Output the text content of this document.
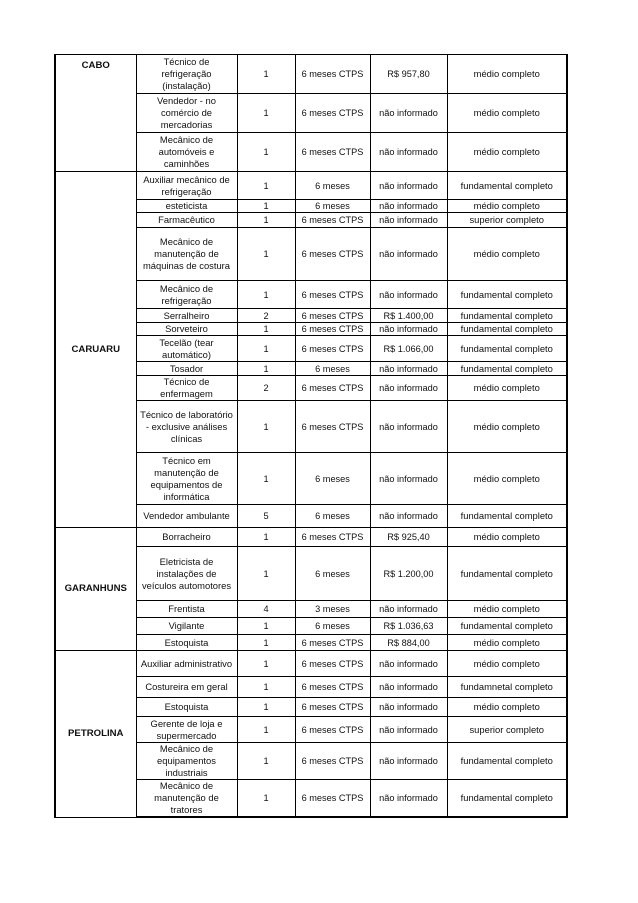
CABO	Técnico de refrigeração (instalação)	1	6 meses CTPS	R$ 957,80	médio completo
	Vendedor - no comércio de mercadorias	1	6 meses CTPS	não informado	médio completo
	Mecânico de automóveis e caminhões	1	6 meses CTPS	não informado	médio completo
CARUARU	Auxiliar mecânico de refrigeração	1	6 meses	não informado	fundamental completo
	esteticista	1	6 meses	não informado	médio completo
	Farmacêutico	1	6 meses CTPS	não informado	superior completo
	Mecânico de manutenção de máquinas de costura	1	6 meses CTPS	não informado	médio completo
	Mecânico de refrigeração	1	6 meses CTPS	não informado	fundamental completo
	Serralheiro	2	6 meses CTPS	R$ 1.400,00	fundamental completo
	Sorveteiro	1	6 meses CTPS	não informado	fundamental completo
	Tecelão (tear automático)	1	6 meses CTPS	R$ 1.066,00	fundamental completo
	Tosador	1	6 meses	não informado	fundamental completo
	Técnico de enfermagem	2	6 meses CTPS	não informado	médio completo
	Técnico de laboratório - exclusive análises clínicas	1	6 meses CTPS	não informado	médio completo
	Técnico em manutenção de equipamentos de informática	1	6 meses	não informado	médio completo
	Vendedor ambulante	5	6 meses	não informado	fundamental completo
GARANHUNS	Borracheiro	1	6 meses CTPS	R$ 925,40	médio completo
	Eletricista de instalações de veículos automotores	1	6 meses	R$ 1.200,00	fundamental completo
	Frentista	4	3 meses	não informado	médio completo
	Vigilante	1	6 meses	R$ 1.036,63	fundamental completo
	Estoquista	1	6 meses CTPS	R$ 884,00	médio completo
PETROLINA	Auxiliar administrativo	1	6 meses CTPS	não informado	médio completo
	Costureira em geral	1	6 meses CTPS	não informado	fundamnetal completo
	Estoquista	1	6 meses CTPS	não informado	médio completo
	Gerente de loja e supermercado	1	6 meses CTPS	não informado	superior completo
	Mecânico de equipamentos industriais	1	6 meses CTPS	não informado	fundamental completo
	Mecânico de manutenção de tratores	1	6 meses CTPS	não informado	fundamental completo
